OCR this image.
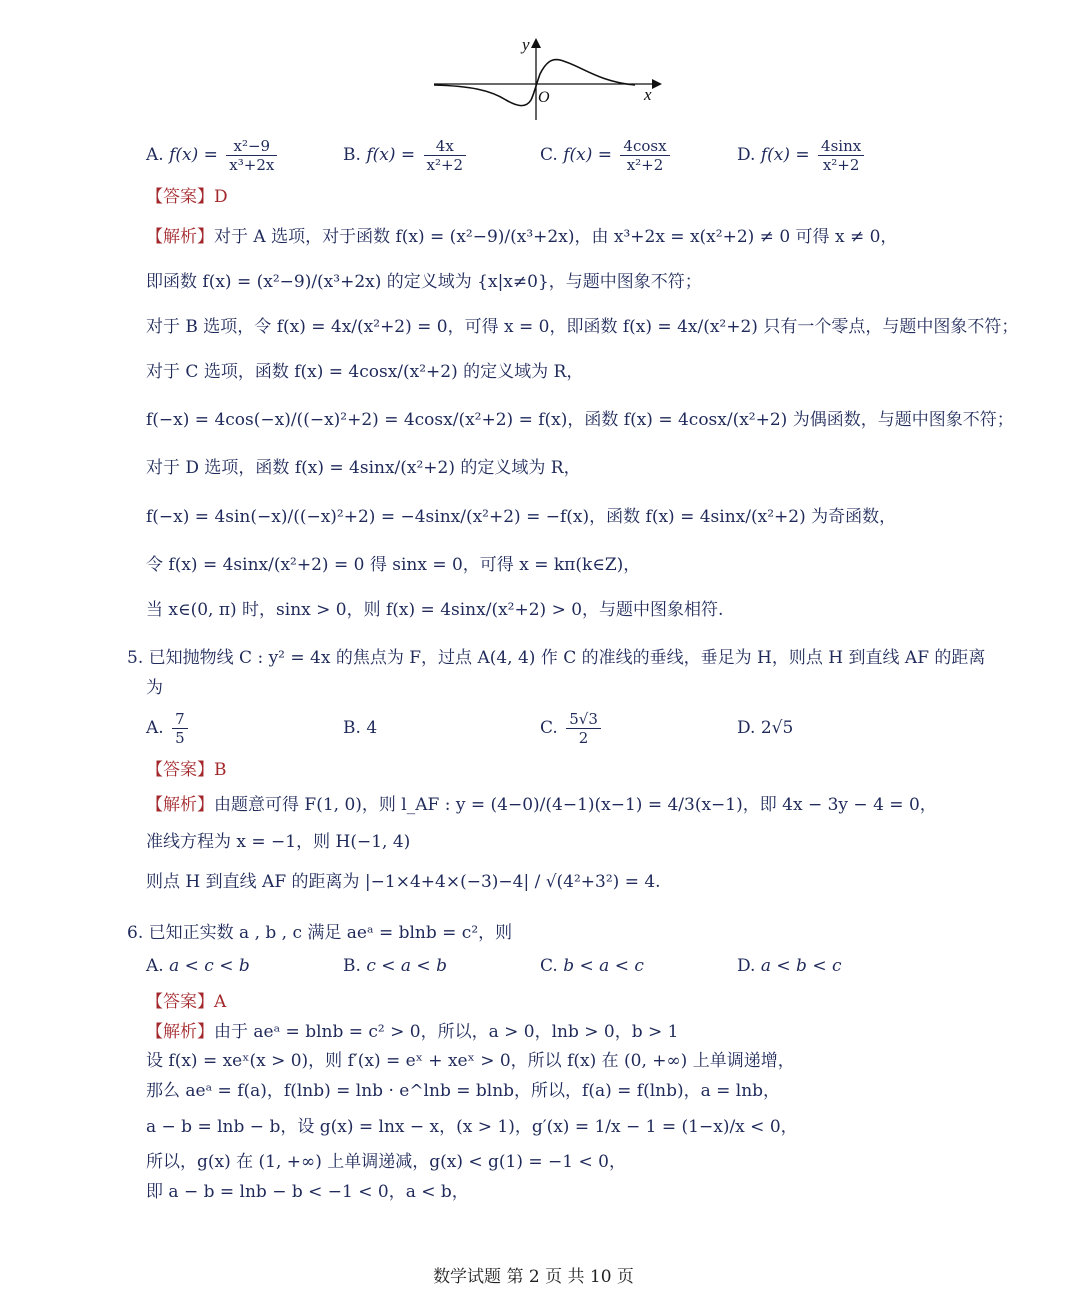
y
x
O
A. $f(x) = \frac{\text{x²−9}}{\text{x³+2x}}$	B. $f(x) = \frac{4x}{\text{x²+2}}$	C. $f(x) = \frac{4\cos x}{\text{x²+2}}$	D. $f(x) = \frac{4\sin x}{\text{x²+2}}$
【答案】D
【解析】对于 A 选项，对于函数 f(x) = (x²−9)/(x³+2x)，由 x³+2x = x(x²+2) ≠ 0 可得 x ≠ 0，
即函数 f(x) = (x²−9)/(x³+2x) 的定义域为 {x|x≠0}，与题中图象不符；
对于 B 选项，令 f(x) = 4x/(x²+2) = 0，可得 x = 0，即函数 f(x) = 4x/(x²+2) 只有一个零点，与题中图象不符；
对于 C 选项，函数 f(x) = 4cosx/(x²+2) 的定义域为 R，
f(−x) = 4cos(−x)/((−x)²+2) = 4cosx/(x²+2) = f(x)，函数 f(x) = 4cosx/(x²+2) 为偶函数，与题中图象不符；
对于 D 选项，函数 f(x) = 4sinx/(x²+2) 的定义域为 R，
f(−x) = 4sin(−x)/((−x)²+2) = −4sinx/(x²+2) = −f(x)，函数 f(x) = 4sinx/(x²+2) 为奇函数，
令 f(x) = 4sinx/(x²+2) = 0 得 sinx = 0，可得 x = kπ(k∈Z)，
当 x∈(0, π) 时，sinx > 0，则 f(x) = 4sinx/(x²+2) > 0，与题中图象相符.
5. 已知抛物线 C : y² = 4x 的焦点为 F，过点 A(4, 4) 作 C 的准线的垂线，垂足为 H，则点 H 到直线 AF 的距离
为
A. $\frac{7}{5}$	B. 4	C. $\frac{5√3}{2}$	D. 2√5
【答案】B
【解析】由题意可得 F(1, 0)，则 l_AF : y = (4−0)/(4−1)(x−1) = 4/3(x−1)，即 4x − 3y − 4 = 0，
准线方程为 x = −1，则 H(−1, 4)
则点 H 到直线 AF 的距离为 |−1×4+4×(−3)−4| / √(4²+3²) = 4.
6. 已知正实数 a , b , c 满足 aeᵃ = blnb = c²，则
A. a < c < b	B. c < a < b	C. b < a < c	D. a < b < c
【答案】A
【解析】由于 aeᵃ = blnb = c² > 0，所以，a > 0，lnb > 0，b > 1
设 f(x) = xeˣ(x > 0)，则 f′(x) = eˣ + xeˣ > 0，所以 f(x) 在 (0, +∞) 上单调递增，
那么 aeᵃ = f(a)，f(lnb) = lnb · e^lnb = blnb，所以，f(a) = f(lnb)，a = lnb，
a − b = lnb − b，设 g(x) = lnx − x，(x > 1)，g′(x) = 1/x − 1 = (1−x)/x < 0，
所以，g(x) 在 (1, +∞) 上单调递减，g(x) < g(1) = −1 < 0，
即 a − b = lnb − b < −1 < 0，a < b，
数学试题 第 2 页 共 10 页
